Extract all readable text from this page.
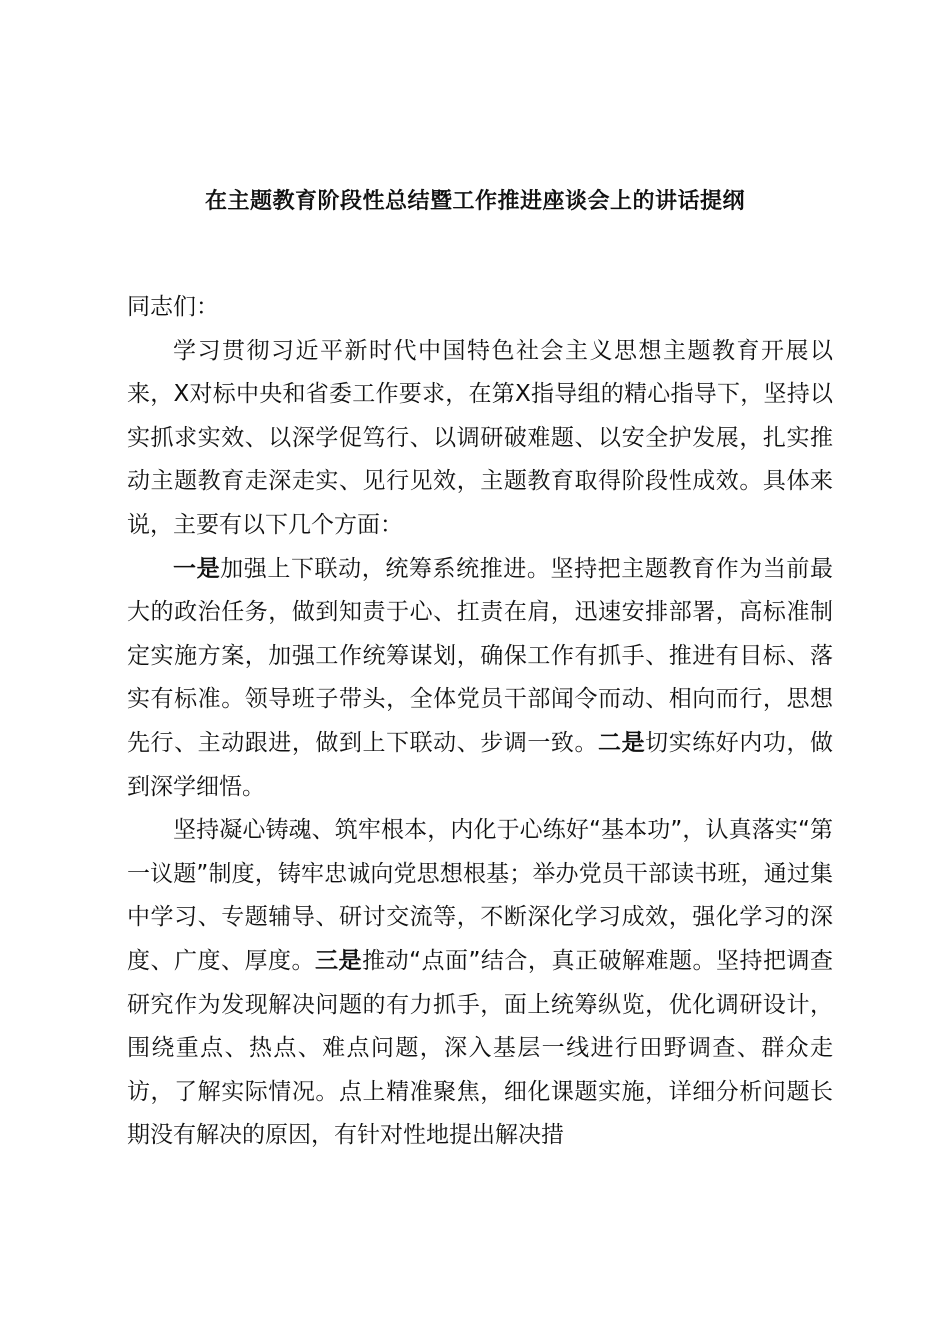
在主题教育阶段性总结暨工作推进座谈会上的讲话提纲

同志们：

学习贯彻习近平新时代中国特色社会主义思想主题教育开展以来，X对标中央和省委工作要求，在第X指导组的精心指导下，坚持以实抓求实效、以深学促笃行、以调研破难题、以安全护发展，扎实推动主题教育走深走实、见行见效，主题教育取得阶段性成效。具体来说，主要有以下几个方面：

一是加强上下联动，统筹系统推进。坚持把主题教育作为当前最大的政治任务，做到知责于心、扛责在肩，迅速安排部署，高标准制定实施方案，加强工作统筹谋划，确保工作有抓手、推进有目标、落实有标准。领导班子带头，全体党员干部闻令而动、相向而行，思想先行、主动跟进，做到上下联动、步调一致。二是切实练好内功，做到深学细悟。

坚持凝心铸魂、筑牢根本，内化于心练好“基本功”，认真落实“第一议题”制度，铸牢忠诚向党思想根基；举办党员干部读书班，通过集中学习、专题辅导、研讨交流等，不断深化学习成效，强化学习的深度、广度、厚度。三是推动“点面”结合，真正破解难题。坚持把调查研究作为发现解决问题的有力抓手，面上统筹纵览，优化调研设计，围绕重点、热点、难点问题，深入基层一线进行田野调查、群众走访，了解实际情况。点上精准聚焦，细化课题实施，详细分析问题长期没有解决的原因，有针对性地提出解决措
